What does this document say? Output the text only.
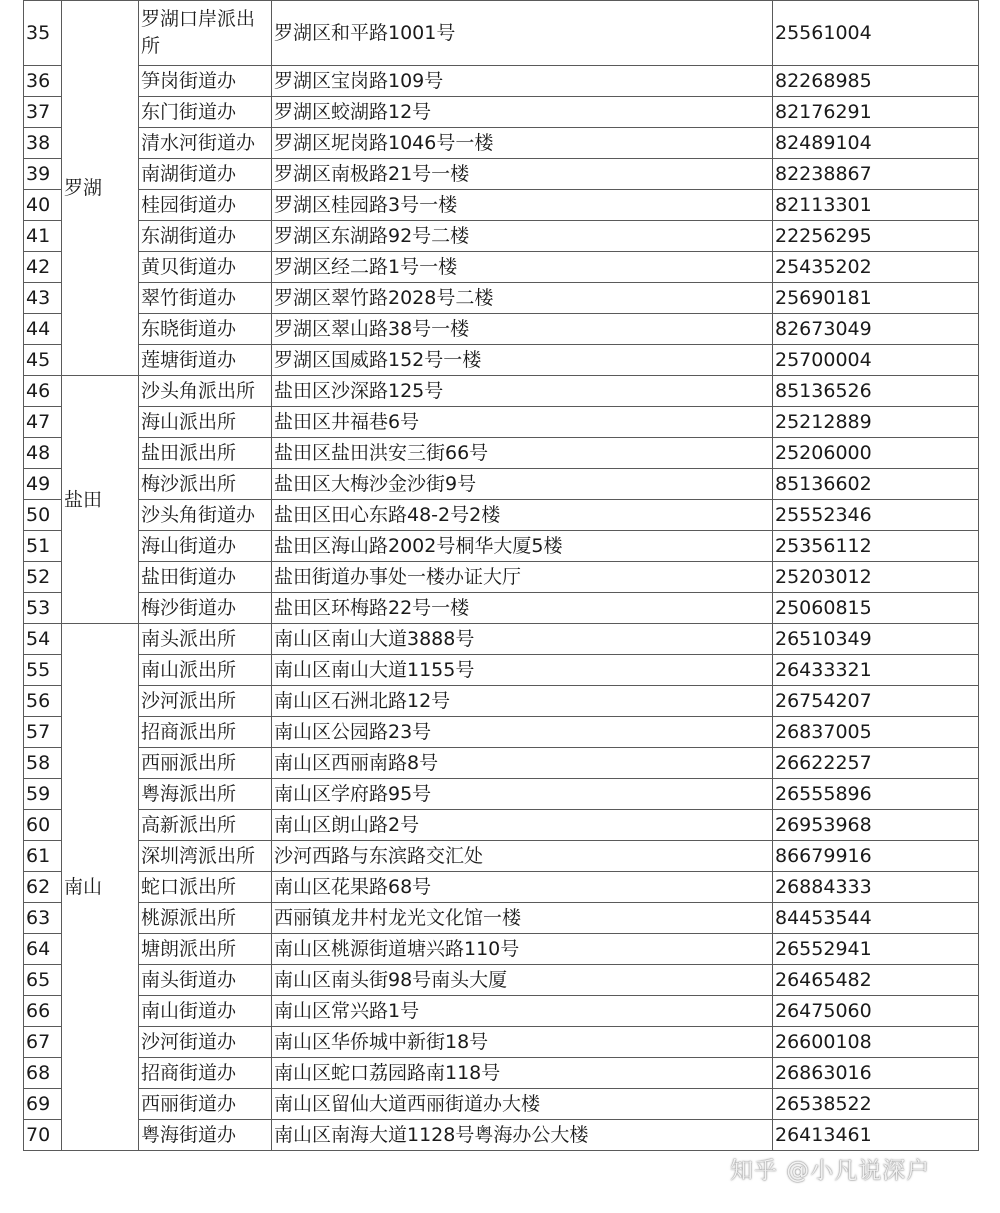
35	罗湖	罗湖口岸派出所	罗湖区和平路1001号	25561004
36		笋岗街道办	罗湖区宝岗路109号	82268985
37		东门街道办	罗湖区蛟湖路12号	82176291
38		清水河街道办	罗湖区坭岗路1046号一楼	82489104
39		南湖街道办	罗湖区南极路21号一楼	82238867
40		桂园街道办	罗湖区桂园路3号一楼	82113301
41		东湖街道办	罗湖区东湖路92号二楼	22256295
42		黄贝街道办	罗湖区经二路1号一楼	25435202
43		翠竹街道办	罗湖区翠竹路2028号二楼	25690181
44		东晓街道办	罗湖区翠山路38号一楼	82673049
45		莲塘街道办	罗湖区国威路152号一楼	25700004
46	盐田	沙头角派出所	盐田区沙深路125号	85136526
47		海山派出所	盐田区井福巷6号	25212889
48		盐田派出所	盐田区盐田洪安三街66号	25206000
49		梅沙派出所	盐田区大梅沙金沙街9号	85136602
50		沙头角街道办	盐田区田心东路48-2号2楼	25552346
51		海山街道办	盐田区海山路2002号桐华大厦5楼	25356112
52		盐田街道办	盐田街道办事处一楼办证大厅	25203012
53		梅沙街道办	盐田区环梅路22号一楼	25060815
54	南山	南头派出所	南山区南山大道3888号	26510349
55		南山派出所	南山区南山大道1155号	26433321
56		沙河派出所	南山区石洲北路12号	26754207
57		招商派出所	南山区公园路23号	26837005
58		西丽派出所	南山区西丽南路8号	26622257
59		粤海派出所	南山区学府路95号	26555896
60		高新派出所	南山区朗山路2号	26953968
61		深圳湾派出所	沙河西路与东滨路交汇处	86679916
62		蛇口派出所	南山区花果路68号	26884333
63		桃源派出所	西丽镇龙井村龙光文化馆一楼	84453544
64		塘朗派出所	南山区桃源街道塘兴路110号	26552941
65		南头街道办	南山区南头街98号南头大厦	26465482
66		南山街道办	南山区常兴路1号	26475060
67		沙河街道办	南山区华侨城中新街18号	26600108
68		招商街道办	南山区蛇口荔园路南118号	26863016
69		西丽街道办	南山区留仙大道西丽街道办大楼	26538522
70		粤海街道办	南山区南海大道1128号粤海办公大楼	26413461
知乎 @小凡说深户
